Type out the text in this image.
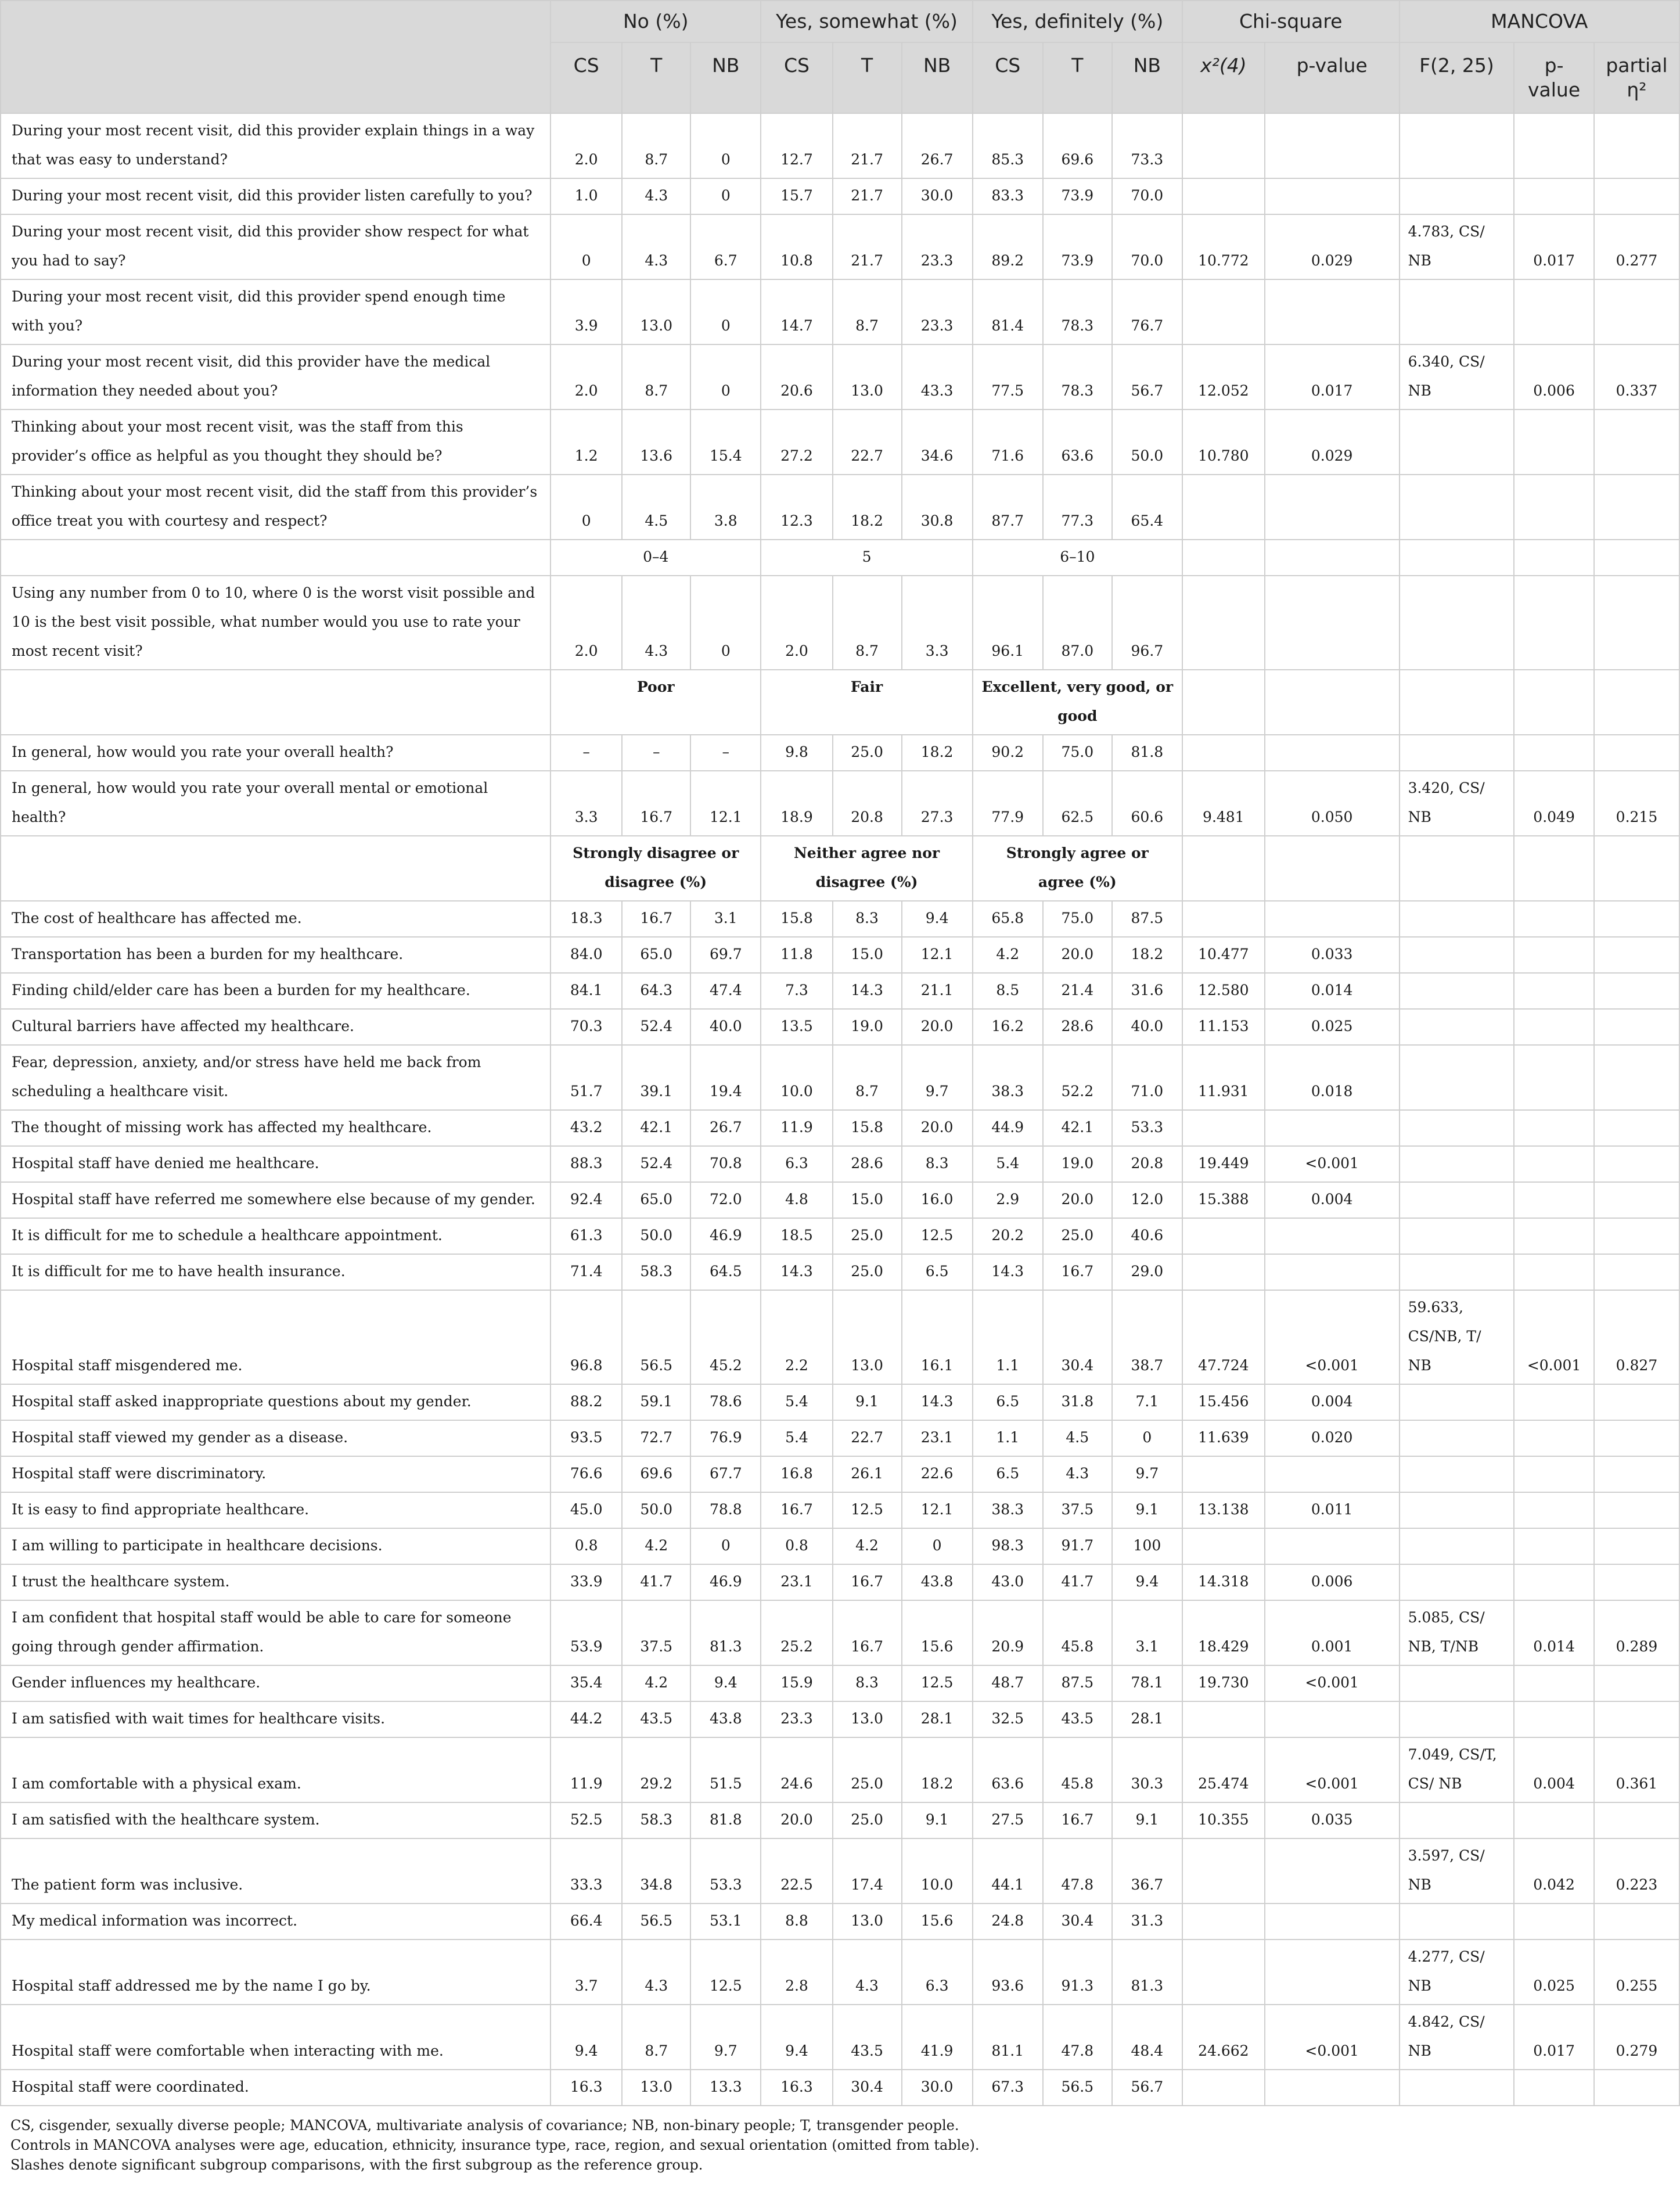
	No (%)			Yes, somewhat (%)			Yes, definitely (%)			Chi-square		MANCOVA		
	CS	T	NB	CS	T	NB	CS	T	NB	x²(4)	p-value	F(2, 25)	p-value	partial η²
During your most recent visit, did this provider explain things in a way that was easy to understand?	2.0	8.7	0	12.7	21.7	26.7	85.3	69.6	73.3					
During your most recent visit, did this provider listen carefully to you?	1.0	4.3	0	15.7	21.7	30.0	83.3	73.9	70.0					
During your most recent visit, did this provider show respect for what you had to say?	0	4.3	6.7	10.8	21.7	23.3	89.2	73.9	70.0	10.772	0.029	4.783, CS/ NB	0.017	0.277
During your most recent visit, did this provider spend enough time with you?	3.9	13.0	0	14.7	8.7	23.3	81.4	78.3	76.7					
During your most recent visit, did this provider have the medical information they needed about you?	2.0	8.7	0	20.6	13.0	43.3	77.5	78.3	56.7	12.052	0.017	6.340, CS/ NB	0.006	0.337
Thinking about your most recent visit, was the staff from this provider’s office as helpful as you thought they should be?	1.2	13.6	15.4	27.2	22.7	34.6	71.6	63.6	50.0	10.780	0.029			
Thinking about your most recent visit, did the staff from this provider’s office treat you with courtesy and respect?	0	4.5	3.8	12.3	18.2	30.8	87.7	77.3	65.4					
	0–4			5			6–10							
Using any number from 0 to 10, where 0 is the worst visit possible and 10 is the best visit possible, what number would you use to rate your most recent visit?	2.0	4.3	0	2.0	8.7	3.3	96.1	87.0	96.7					
	Poor			Fair			Excellent, very good, or good							
In general, how would you rate your overall health?	–	–	–	9.8	25.0	18.2	90.2	75.0	81.8					
In general, how would you rate your overall mental or emotional health?	3.3	16.7	12.1	18.9	20.8	27.3	77.9	62.5	60.6	9.481	0.050	3.420, CS/ NB	0.049	0.215
	Strongly disagree or disagree (%)			Neither agree nor disagree (%)			Strongly agree or agree (%)							
The cost of healthcare has affected me.	18.3	16.7	3.1	15.8	8.3	9.4	65.8	75.0	87.5					
Transportation has been a burden for my healthcare.	84.0	65.0	69.7	11.8	15.0	12.1	4.2	20.0	18.2	10.477	0.033			
Finding child/elder care has been a burden for my healthcare.	84.1	64.3	47.4	7.3	14.3	21.1	8.5	21.4	31.6	12.580	0.014			
Cultural barriers have affected my healthcare.	70.3	52.4	40.0	13.5	19.0	20.0	16.2	28.6	40.0	11.153	0.025			
Fear, depression, anxiety, and/or stress have held me back from scheduling a healthcare visit.	51.7	39.1	19.4	10.0	8.7	9.7	38.3	52.2	71.0	11.931	0.018			
The thought of missing work has affected my healthcare.	43.2	42.1	26.7	11.9	15.8	20.0	44.9	42.1	53.3					
Hospital staff have denied me healthcare.	88.3	52.4	70.8	6.3	28.6	8.3	5.4	19.0	20.8	19.449	<0.001			
Hospital staff have referred me somewhere else because of my gender.	92.4	65.0	72.0	4.8	15.0	16.0	2.9	20.0	12.0	15.388	0.004			
It is difficult for me to schedule a healthcare appointment.	61.3	50.0	46.9	18.5	25.0	12.5	20.2	25.0	40.6					
It is difficult for me to have health insurance.	71.4	58.3	64.5	14.3	25.0	6.5	14.3	16.7	29.0					
Hospital staff misgendered me.	96.8	56.5	45.2	2.2	13.0	16.1	1.1	30.4	38.7	47.724	<0.001	59.633, CS/NB, T/ NB	<0.001	0.827
Hospital staff asked inappropriate questions about my gender.	88.2	59.1	78.6	5.4	9.1	14.3	6.5	31.8	7.1	15.456	0.004			
Hospital staff viewed my gender as a disease.	93.5	72.7	76.9	5.4	22.7	23.1	1.1	4.5	0	11.639	0.020			
Hospital staff were discriminatory.	76.6	69.6	67.7	16.8	26.1	22.6	6.5	4.3	9.7					
It is easy to find appropriate healthcare.	45.0	50.0	78.8	16.7	12.5	12.1	38.3	37.5	9.1	13.138	0.011			
I am willing to participate in healthcare decisions.	0.8	4.2	0	0.8	4.2	0	98.3	91.7	100					
I trust the healthcare system.	33.9	41.7	46.9	23.1	16.7	43.8	43.0	41.7	9.4	14.318	0.006			
I am confident that hospital staff would be able to care for someone going through gender affirmation.	53.9	37.5	81.3	25.2	16.7	15.6	20.9	45.8	3.1	18.429	0.001	5.085, CS/ NB, T/NB	0.014	0.289
Gender influences my healthcare.	35.4	4.2	9.4	15.9	8.3	12.5	48.7	87.5	78.1	19.730	<0.001			
I am satisfied with wait times for healthcare visits.	44.2	43.5	43.8	23.3	13.0	28.1	32.5	43.5	28.1					
I am comfortable with a physical exam.	11.9	29.2	51.5	24.6	25.0	18.2	63.6	45.8	30.3	25.474	<0.001	7.049, CS/T, CS/ NB	0.004	0.361
I am satisfied with the healthcare system.	52.5	58.3	81.8	20.0	25.0	9.1	27.5	16.7	9.1	10.355	0.035			
The patient form was inclusive.	33.3	34.8	53.3	22.5	17.4	10.0	44.1	47.8	36.7			3.597, CS/ NB	0.042	0.223
My medical information was incorrect.	66.4	56.5	53.1	8.8	13.0	15.6	24.8	30.4	31.3					
Hospital staff addressed me by the name I go by.	3.7	4.3	12.5	2.8	4.3	6.3	93.6	91.3	81.3			4.277, CS/ NB	0.025	0.255
Hospital staff were comfortable when interacting with me.	9.4	8.7	9.7	9.4	43.5	41.9	81.1	47.8	48.4	24.662	<0.001	4.842, CS/ NB	0.017	0.279
Hospital staff were coordinated.	16.3	13.0	13.3	16.3	30.4	30.0	67.3	56.5	56.7					

CS, cisgender, sexually diverse people; MANCOVA, multivariate analysis of covariance; NB, non-binary people; T, transgender people.

Controls in MANCOVA analyses were age, education, ethnicity, insurance type, race, region, and sexual orientation (omitted from table).

Slashes denote significant subgroup comparisons, with the first subgroup as the reference group.
